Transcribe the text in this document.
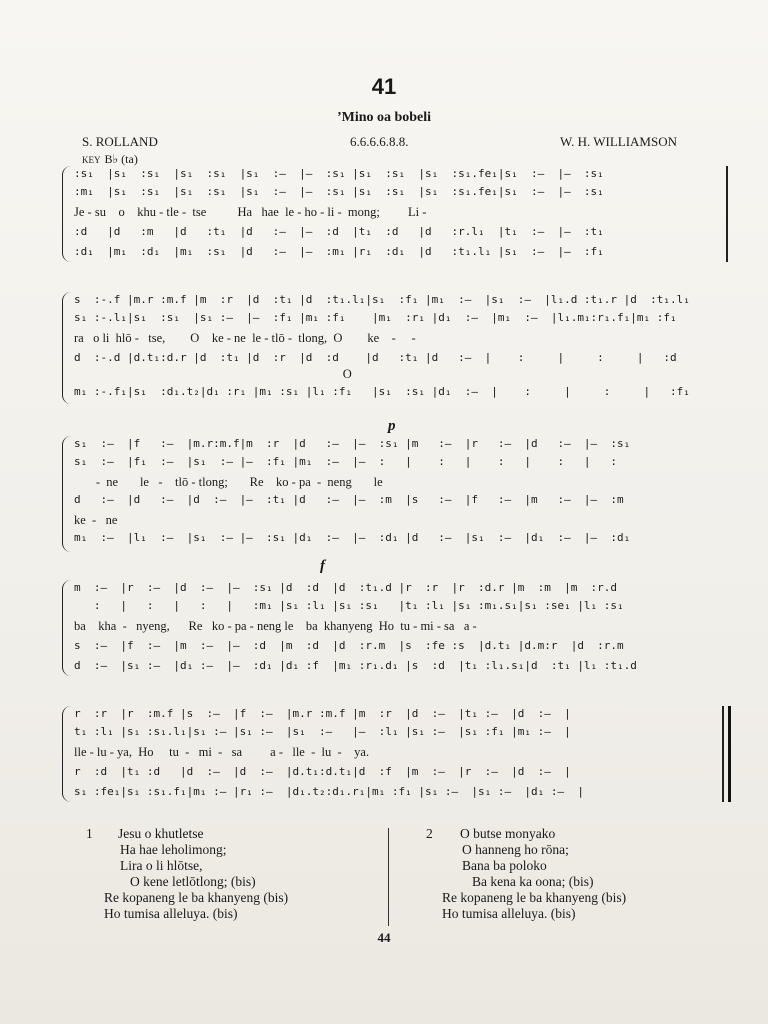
41
’Mino oa bobeli
S. ROLLAND	6.6.6.6.8.8.	W. H. WILLIAMSON
KEY B♭ (ta)
:s₁  |s₁  :s₁  |s₁  :s₁  |s₁  :—  |—  :s₁ |s₁  :s₁  |s₁  :s₁.fe₁|s₁  :—  |—  :s₁
:m₁  |s₁  :s₁  |s₁  :s₁  |s₁  :—  |—  :s₁ |s₁  :s₁  |s₁  :s₁.fe₁|s₁  :—  |—  :s₁
Je - su    o    khu - tle -  tse          Ha   hae  le - ho - li -  mong;         Li -
:d   |d   :m   |d   :t₁  |d   :—  |—  :d  |t₁  :d   |d   :r.l₁  |t₁  :—  |—  :t₁
:d₁  |m₁  :d₁  |m₁  :s₁  |d   :—  |—  :m₁ |r₁  :d₁  |d   :t₁.l₁ |s₁  :—  |—  :f₁
s  :-.f |m.r :m.f |m  :r  |d  :t₁ |d  :t₁.l₁|s₁  :f₁ |m₁  :—  |s₁  :—  |l₁.d :t₁.r |d  :t₁.l₁
s₁ :-.l₁|s₁  :s₁  |s₁ :—  |—  :f₁ |m₁ :f₁    |m₁  :r₁ |d₁  :—  |m₁  :—  |l₁.m₁:r₁.f₁|m₁ :f₁
ra   o li  hlō -   tse,        O    ke - ne  le - tlō -  tlong,  O        ke    -     -
d  :-.d |d.t₁:d.r |d  :t₁ |d  :r  |d  :d    |d   :t₁ |d   :—  |    :     |     :     |   :d
O
m₁ :-.f₁|s₁  :d₁.t₂|d₁ :r₁ |m₁ :s₁ |l₁ :f₁   |s₁  :s₁ |d₁  :—  |    :     |     :     |   :f₁
p
s₁  :—  |f   :—  |m.r:m.f|m  :r  |d   :—  |—  :s₁ |m   :—  |r   :—  |d   :—  |—  :s₁
s₁  :—  |f₁  :—  |s₁  :— |—  :f₁ |m₁  :—  |—  :   |    :   |    :   |    :   |   :
-  ne       le   -    tlō - tlong;       Re    ko - pa  -  neng       le
d   :—  |d   :—  |d  :—  |—  :t₁ |d   :—  |—  :m  |s   :—  |f   :—  |m   :—  |—  :m
ke  -   ne
m₁  :—  |l₁  :—  |s₁  :— |—  :s₁ |d₁  :—  |—  :d₁ |d   :—  |s₁  :—  |d₁  :—  |—  :d₁
f
m  :—  |r  :—  |d  :—  |—  :s₁ |d  :d  |d  :t₁.d |r  :r  |r  :d.r |m  :m  |m  :r.d
:   |   :   |   :   |   :m₁ |s₁ :l₁ |s₁ :s₁   |t₁ :l₁ |s₁ :m₁.s₁|s₁ :se₁ |l₁ :s₁
ba    kha  -   nyeng,      Re   ko - pa - neng le    ba  khanyeng  Ho  tu - mi - sa   a -
s  :—  |f  :—  |m  :—  |—  :d  |m  :d  |d  :r.m  |s  :fe :s  |d.t₁ |d.m:r  |d  :r.m
d  :—  |s₁ :—  |d₁ :—  |—  :d₁ |d₁ :f  |m₁ :r₁.d₁ |s  :d  |t₁ :l₁.s₁|d  :t₁ |l₁ :t₁.d
r  :r  |r  :m.f |s  :—  |f  :—  |m.r :m.f |m  :r  |d  :—  |t₁ :—  |d  :—  |
t₁ :l₁ |s₁ :s₁.l₁|s₁ :— |s₁ :—  |s₁  :—   |—  :l₁ |s₁ :—  |s₁ :f₁ |m₁ :—  |
lle - lu - ya,  Ho     tu  -   mi  -   sa         a -   lle  -  lu  -    ya.
r  :d  |t₁ :d   |d  :—  |d  :—  |d.t₁:d.t₁|d  :f  |m  :—  |r  :—  |d  :—  |
s₁ :fe₁|s₁ :s₁.f₁|m₁ :— |r₁ :—  |d₁.t₂:d₁.r₁|m₁ :f₁ |s₁ :—  |s₁ :—  |d₁ :—  |
1 Jesu o khutletse
Ha hae leholimong;
Lira o li hlōtse,
O kene letlōtlong; (bis)
Re kopaneng le ba khanyeng (bis)
Ho tumisa alleluya. (bis)
2 O butse monyako
O hanneng ho rōna;
Bana ba poloko
Ba kena ka oona; (bis)
Re kopaneng le ba khanyeng (bis)
Ho tumisa alleluya. (bis)
44
